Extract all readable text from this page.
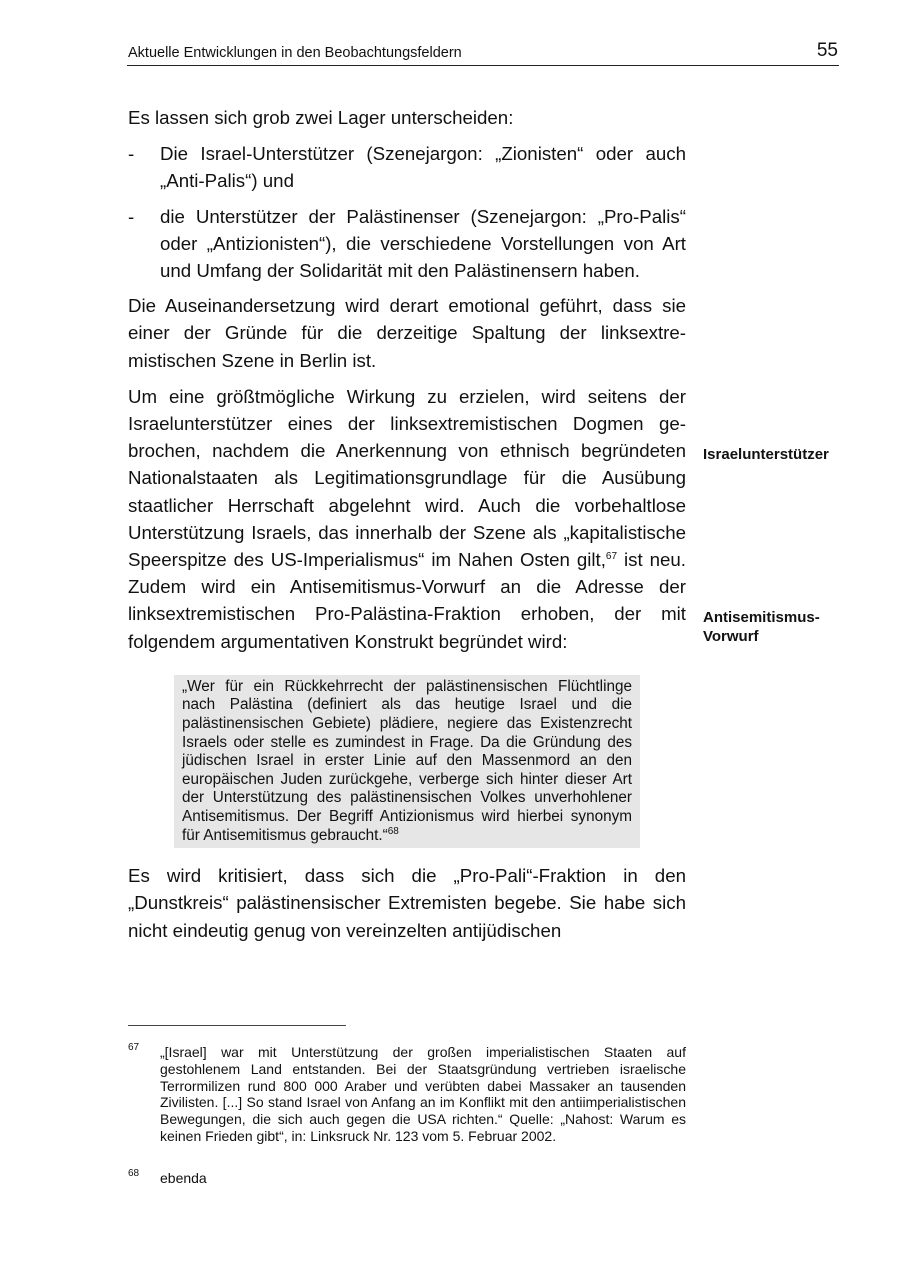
Aktuelle Entwicklungen in den Beobachtungsfeldern	55

Es lassen sich grob zwei Lager unterscheiden:

- Die Israel-Unterstützer (Szenejargon: „Zionisten“ oder auch „Anti-Palis“) und
- die Unterstützer der Palästinenser (Szenejargon: „Pro-Palis“ oder „Antizionisten“), die verschiedene Vorstellungen von Art und Umfang der Solidarität mit den Palästinensern haben.

Die Auseinandersetzung wird derart emotional geführt, dass sie einer der Gründe für die derzeitige Spaltung der linksextremistischen Szene in Berlin ist.

Um eine größtmögliche Wirkung zu erzielen, wird seitens der Israelunterstützer eines der linksextremistischen Dogmen gebrochen, nachdem die Anerkennung von ethnisch begründeten Nationalstaaten als Legitimationsgrundlage für die Ausübung staatlicher Herrschaft abgelehnt wird. Auch die vorbehaltlose Unterstützung Israels, das innerhalb der Szene als „kapitalistische Speerspitze des US-Imperialismus“ im Nahen Osten gilt,$^{67}$ ist neu. Zudem wird ein Antisemitismus-Vorwurf an die Adresse der linksextremistischen Pro-Palästina-Fraktion erhoben, der mit folgendem argumentativen Konstrukt begründet wird:

„Wer für ein Rückkehrrecht der palästinensischen Flüchtlinge nach Palästina (definiert als das heutige Israel und die palästinensischen Gebiete) plädiere, negiere das Existenzrecht Israels oder stelle es zumindest in Frage. Da die Gründung des jüdischen Israel in erster Linie auf den Massenmord an den europäischen Juden zurückgehe, verberge sich hinter dieser Art der Unterstützung des palästinensischen Volkes unverhohlener Antisemitismus. Der Begriff Antizionismus wird hierbei synonym für Antisemitismus gebraucht.“$^{68}$

Es wird kritisiert, dass sich die „Pro-Pali“-Fraktion in den „Dunstkreis“ palästinensischer Extremisten begebe. Sie habe sich nicht eindeutig genug von vereinzelten antijüdischen

Israelunterstützer
Antisemitismus-Vorwurf
67 „[Israel] war mit Unterstützung der großen imperialistischen Staaten auf gestohlenem Land entstanden. Bei der Staatsgründung vertrieben israelische Terrormilizen rund 800 000 Araber und verübten dabei Massaker an tausenden Zivilisten. [...] So stand Israel von Anfang an im Konflikt mit den antiimperialistischen Bewegungen, die sich auch gegen die USA richten.“ Quelle: „Nahost: Warum es keinen Frieden gibt“, in: Linksruck Nr. 123 vom 5. Februar 2002.
68 ebenda
